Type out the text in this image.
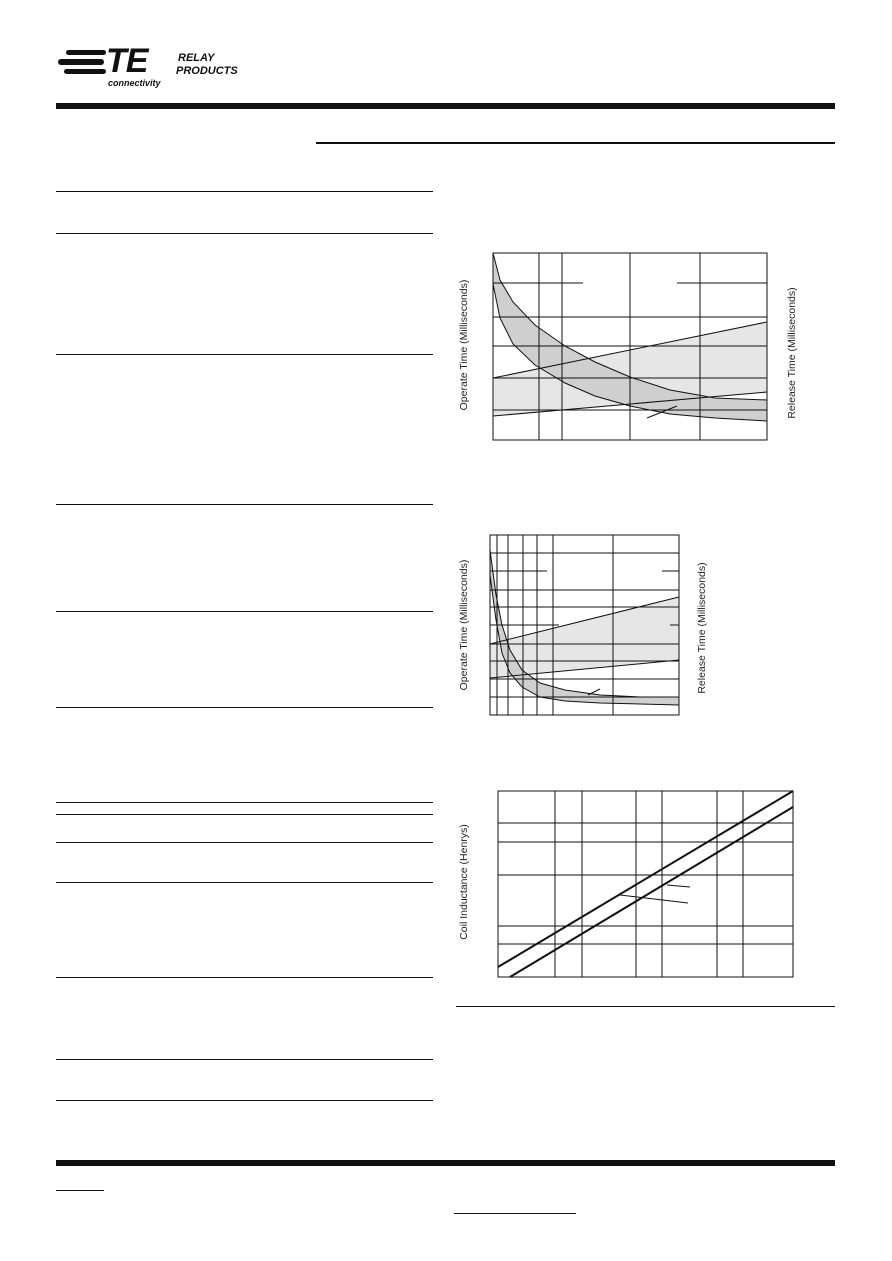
TE
connectivity
RELAY
PRODUCTS
Operate Time (Milliseconds)	Release Time (Milliseconds)
Operate Time (Milliseconds)	Release Time (Milliseconds)
Coil Inductance (Henrys)
